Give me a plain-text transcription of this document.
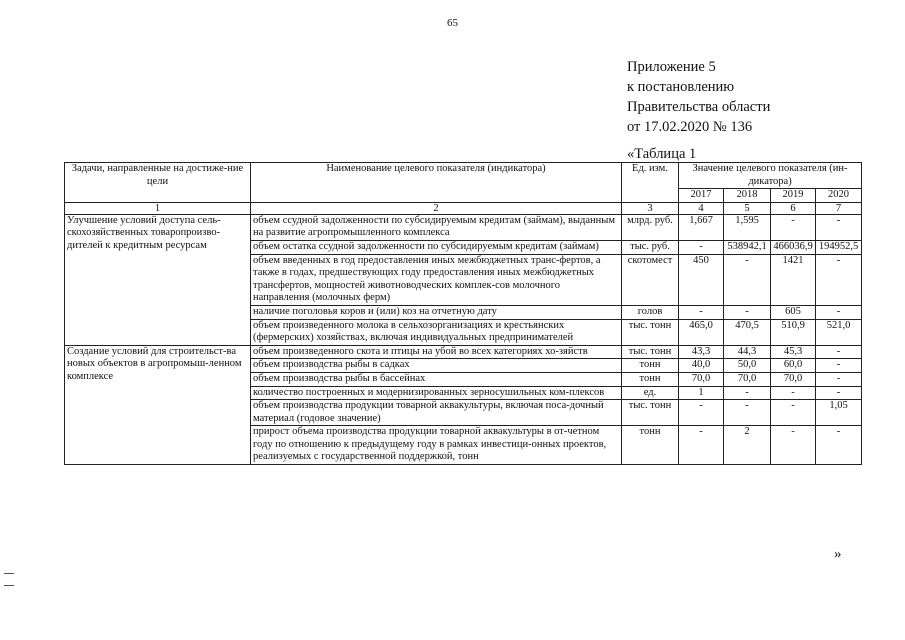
65
Приложение 5
к постановлению
Правительства области
от 17.02.2020 № 136
«Таблица 1
Задачи, направленные на достиже-ние цели	Наименование целевого показателя (индикатора)	Ед. изм.	Значение целевого показателя (ин-дикатора)			
			2017	2018	2019	2020
1	2	3	4	5	6	7
Улучшение условий доступа сель-скохозяйственных товаропроизво-дителей к кредитным ресурсам	объем ссудной задолженности по субсидируемым кредитам (займам), выданным на развитие агропромышленного комплекса	млрд. руб.	1,667	1,595	-	-
	объем остатка ссудной задолженности по субсидируемым кредитам (займам)	тыс. руб.	-	538942,1	466036,9	194952,5
	объем введенных в год предоставления иных межбюджетных транс-фертов, а также в годах, предшествующих году предоставления иных межбюджетных трансфертов, мощностей животноводческих комплек-сов молочного направления (молочных ферм)	скотомест	450	-	1421	-
	наличие поголовья коров и (или) коз на отчетную дату	голов	-	-	605	-
	объем произведенного молока в сельхозорганизациях и крестьянских (фермерских) хозяйствах, включая индивидуальных предпринимателей	тыс. тонн	465,0	470,5	510,9	521,0
Создание условий для строительст-ва новых объектов в агропромыш-ленном комплексе	объем произведенного скота и птицы на убой во всех категориях хо-зяйств	тыс. тонн	43,3	44,3	45,3	-
	объем производства рыбы в садках	тонн	40,0	50,0	60,0	-
	объем производства рыбы в бассейнах	тонн	70,0	70,0	70,0	-
	количество построенных и модернизированных зерносушильных ком-плексов	ед.	1	-	-	-
	объем производства продукции товарной аквакультуры, включая поса-дочный материал (годовое значение)	тыс. тонн	-	-	-	1,05
	прирост объема производства продукции товарной аквакультуры в от-четном году по отношению к предыдущему году в рамках инвестици-онных проектов, реализуемых с государственной поддержкой, тонн	тонн	-	2	-	-
»
